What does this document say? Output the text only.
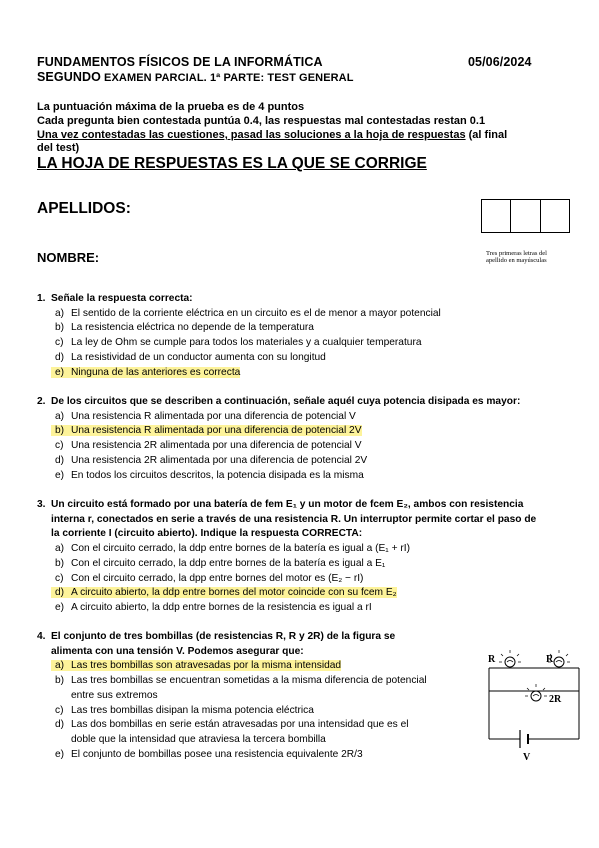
FUNDAMENTOS FÍSICOS DE LA INFORMÁTICA	05/06/2024
SEGUNDO EXAMEN PARCIAL. 1ª PARTE: TEST GENERAL
La puntuación máxima de la prueba es de 4 puntos
Cada pregunta bien contestada puntúa 0.4, las respuestas mal contestadas restan 0.1
Una vez contestadas las cuestiones, pasad las soluciones a la hoja de respuestas (al final
del test)
LA HOJA DE RESPUESTAS ES LA QUE SE CORRIGE
APELLIDOS:
Tres primeras letras del
apellido en mayúsculas
NOMBRE:
1. Señale la respuesta correcta:
a) El sentido de la corriente eléctrica en un circuito es el de menor a mayor potencial
b) La resistencia eléctrica no depende de la temperatura
c) La ley de Ohm se cumple para todos los materiales y a cualquier temperatura
d) La resistividad de un conductor aumenta con su longitud
e) Ninguna de las anteriores es correcta
2. De los circuitos que se describen a continuación, señale aquél cuya potencia disipada es mayor:
a) Una resistencia R alimentada por una diferencia de potencial V
b) Una resistencia R alimentada por una diferencia de potencial 2V
c) Una resistencia 2R alimentada por una diferencia de potencial V
d) Una resistencia 2R alimentada por una diferencia de potencial 2V
e) En todos los circuitos descritos, la potencia disipada es la misma
3. Un circuito está formado por una batería de fem E₁ y un motor de fcem E₂, ambos con resistencia
interna r, conectados en serie a través de una resistencia R. Un interruptor permite cortar el paso de
la corriente I (circuito abierto). Indique la respuesta CORRECTA:
a) Con el circuito cerrado, la ddp entre bornes de la batería es igual a (E₁ + rI)
b) Con el circuito cerrado, la ddp entre bornes de la batería es igual a E₁
c) Con el circuito cerrado, la dpp entre bornes del motor es (E₂ − rI)
d) A circuito abierto, la ddp entre bornes del motor coincide con su fcem E₂
e) A circuito abierto, la ddp entre bornes de la resistencia es igual a rI
4. El conjunto de tres bombillas (de resistencias R, R y 2R) de la figura se
alimenta con una tensión V. Podemos asegurar que:
a) Las tres bombillas son atravesadas por la misma intensidad
b) Las tres bombillas se encuentran sometidas a la misma diferencia de potencial
entre sus extremos
c) Las tres bombillas disipan la misma potencia eléctrica
d) Las dos bombillas en serie están atravesadas por una intensidad que es el
doble que la intensidad que atraviesa la tercera bombilla
e) El conjunto de bombillas posee una resistencia equivalente 2R/3
R	R
2R
V
